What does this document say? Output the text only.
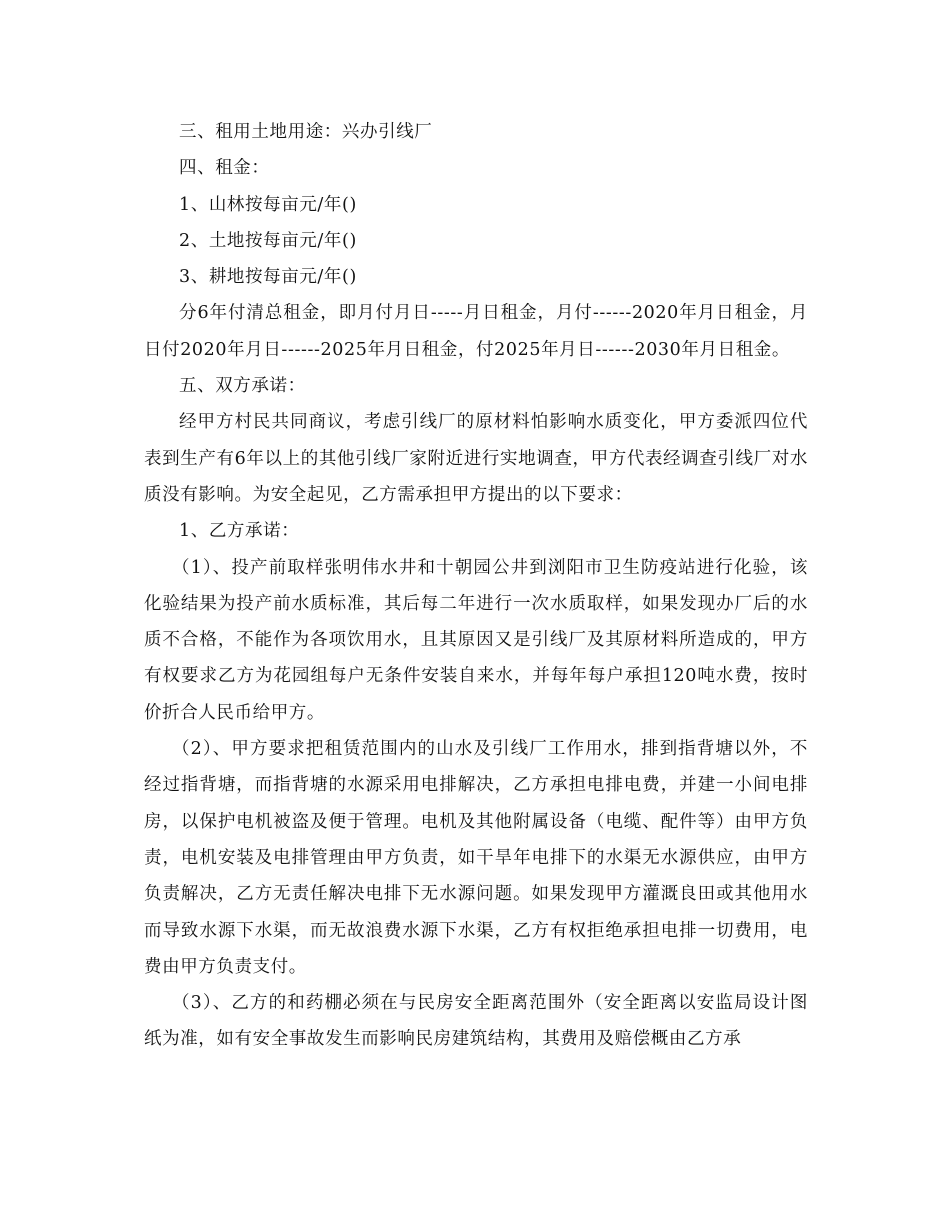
三、租用土地用途：兴办引线厂

四、租金：

1、山林按每亩元/年()

2、土地按每亩元/年()

3、耕地按每亩元/年()

分6年付清总租金，即月付月日-----月日租金，月付------2020年月日租金，月日付2020年月日------2025年月日租金，付2025年月日------2030年月日租金。

五、双方承诺：

经甲方村民共同商议，考虑引线厂的原材料怕影响水质变化，甲方委派四位代表到生产有6年以上的其他引线厂家附近进行实地调查，甲方代表经调查引线厂对水质没有影响。为安全起见，乙方需承担甲方提出的以下要求：

1、乙方承诺：

（1）、投产前取样张明伟水井和十朝园公井到浏阳市卫生防疫站进行化验，该化验结果为投产前水质标准，其后每二年进行一次水质取样，如果发现办厂后的水质不合格，不能作为各项饮用水，且其原因又是引线厂及其原材料所造成的，甲方有权要求乙方为花园组每户无条件安装自来水，并每年每户承担120吨水费，按时价折合人民币给甲方。

（2）、甲方要求把租赁范围内的山水及引线厂工作用水，排到指背塘以外，不经过指背塘，而指背塘的水源采用电排解决，乙方承担电排电费，并建一小间电排房，以保护电机被盗及便于管理。电机及其他附属设备（电缆、配件等）由甲方负责，电机安装及电排管理由甲方负责，如干旱年电排下的水渠无水源供应，由甲方负责解决，乙方无责任解决电排下无水源问题。如果发现甲方灌溉良田或其他用水而导致水源下水渠，而无故浪费水源下水渠，乙方有权拒绝承担电排一切费用，电费由甲方负责支付。

（3）、乙方的和药棚必须在与民房安全距离范围外（安全距离以安监局设计图纸为准，如有安全事故发生而影响民房建筑结构，其费用及赔偿概由乙方承
